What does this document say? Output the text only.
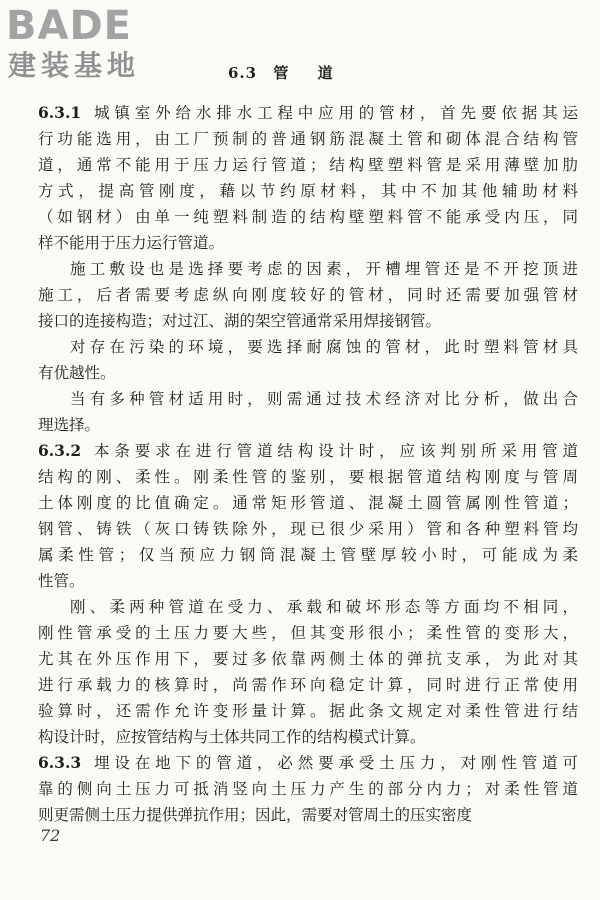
BADE
建装基地	6.3 管 道
6.3.1 城镇室外给水排水工程中应用的管材，首先要依据其运
行功能选用，由工厂预制的普通钢筋混凝土管和砌体混合结构管
道，通常不能用于压力运行管道；结构壁塑料管是采用薄壁加肋
方式，提高管刚度，藉以节约原材料，其中不加其他辅助材料
（如钢材）由单一纯塑料制造的结构壁塑料管不能承受内压，同
样不能用于压力运行管道。
施工敷设也是选择要考虑的因素，开槽埋管还是不开挖顶进
施工，后者需要考虑纵向刚度较好的管材，同时还需要加强管材
接口的连接构造；对过江、湖的架空管通常采用焊接钢管。
对存在污染的环境，要选择耐腐蚀的管材，此时塑料管材具
有优越性。
当有多种管材适用时，则需通过技术经济对比分析，做出合
理选择。
6.3.2 本条要求在进行管道结构设计时，应该判别所采用管道
结构的刚、柔性。刚柔性管的鉴别，要根据管道结构刚度与管周
土体刚度的比值确定。通常矩形管道、混凝土圆管属刚性管道；
钢管、铸铁（灰口铸铁除外，现已很少采用）管和各种塑料管均
属柔性管；仅当预应力钢筒混凝土管壁厚较小时，可能成为柔
性管。
刚、柔两种管道在受力、承载和破坏形态等方面均不相同，
刚性管承受的土压力要大些，但其变形很小；柔性管的变形大，
尤其在外压作用下，要过多依靠两侧土体的弹抗支承，为此对其
进行承载力的核算时，尚需作环向稳定计算，同时进行正常使用
验算时，还需作允许变形量计算。据此条文规定对柔性管进行结
构设计时，应按管结构与土体共同工作的结构模式计算。
6.3.3 埋设在地下的管道，必然要承受土压力，对刚性管道可
靠的侧向土压力可抵消竖向土压力产生的部分内力；对柔性管道
则更需侧土压力提供弹抗作用；因此，需要对管周土的压实密度
72
